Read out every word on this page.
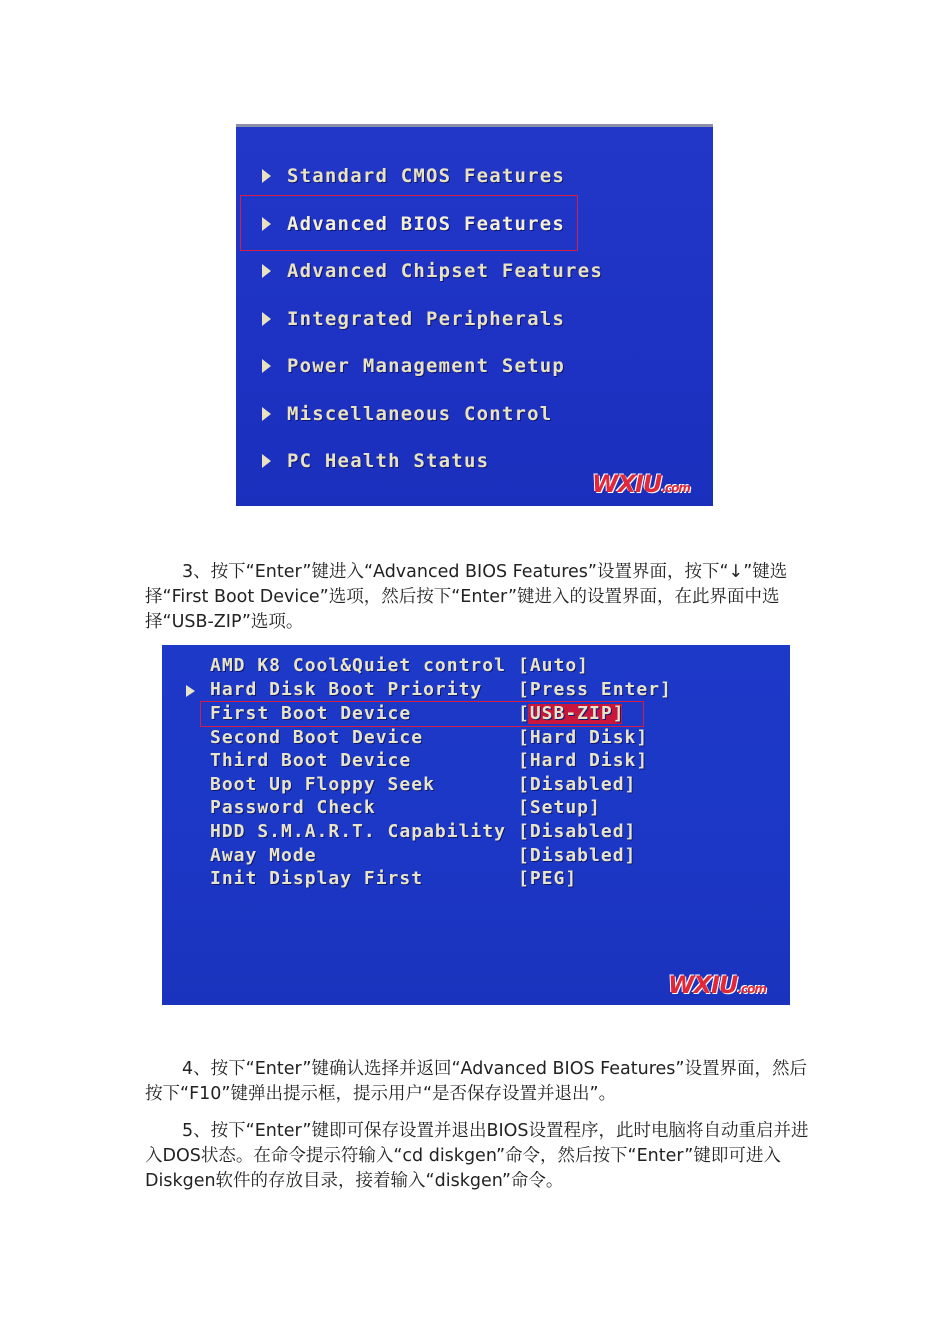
Standard CMOS Features
Advanced BIOS Features
Advanced Chipset Features
Integrated Peripherals
Power Management Setup
Miscellaneous Control
PC Health Status
WXIU.com
3、按下“Enter”键进入“Advanced BIOS Features”设置界面，按下“↓”键选择“First Boot Device”选项，然后按下“Enter”键进入的设置界面，在此界面中选择“USB-ZIP”选项。
AMD K8 Cool&Quiet control [Auto]
Hard Disk Boot Priority [Press Enter]
First Boot Device	[USB-ZIP]
Second Boot Device	[Hard Disk]
Third Boot Device	[Hard Disk]
Boot Up Floppy Seek	[Disabled]
Password Check	[Setup]
HDD S.M.A.R.T. Capability [Disabled]
Away Mode	[Disabled]
Init Display First	[PEG]
WXIU.com
4、按下“Enter”键确认选择并返回“Advanced BIOS Features”设置界面，然后按下“F10”键弹出提示框，提示用户“是否保存设置并退出”。
5、按下“Enter”键即可保存设置并退出BIOS设置程序，此时电脑将自动重启并进入DOS状态。在命令提示符输入“cd diskgen”命令，然后按下“Enter”键即可进入Diskgen软件的存放目录，接着输入“diskgen”命令。
